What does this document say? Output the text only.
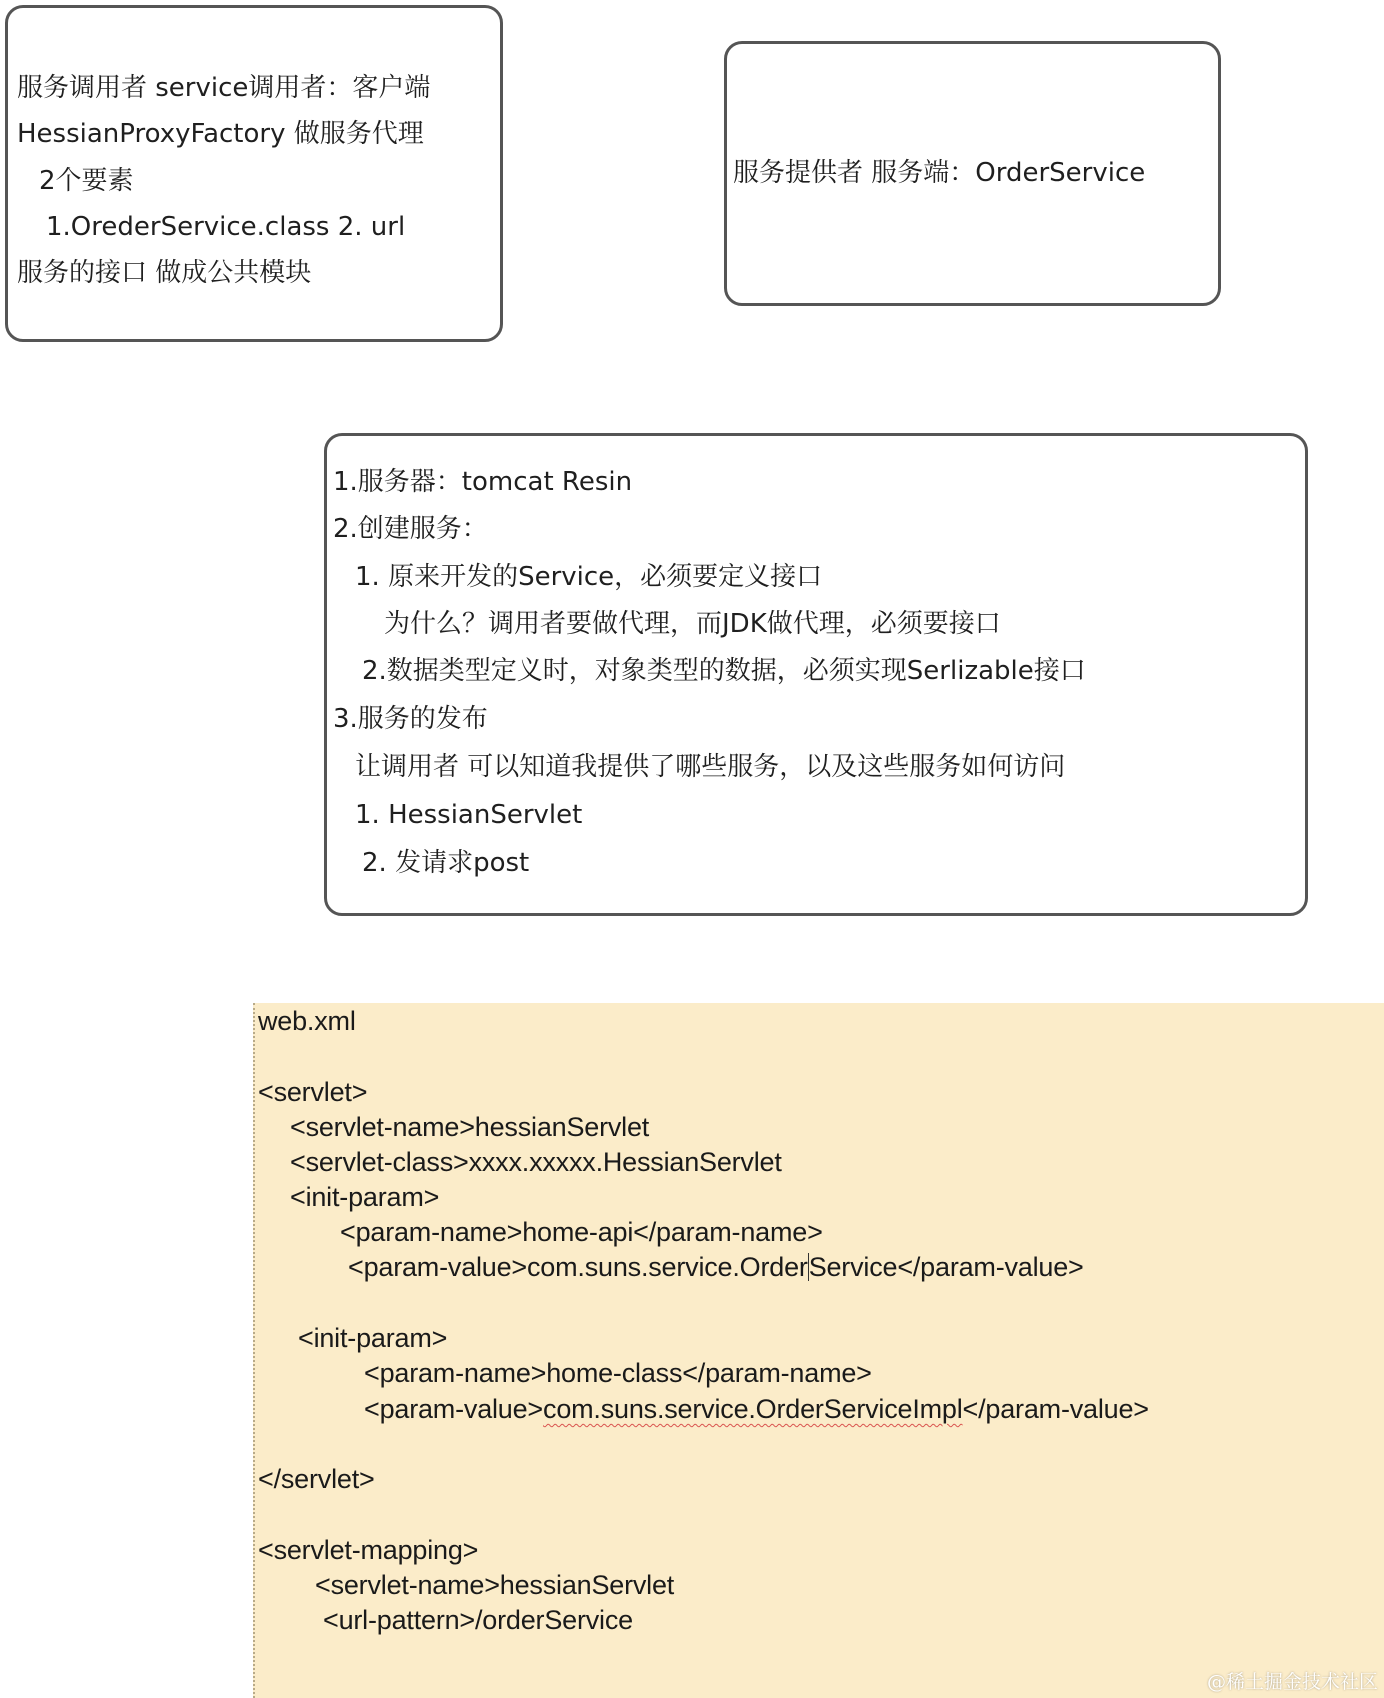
服务调用者 service调用者：客户端
HessianProxyFactory 做服务代理
2个要素
1.OrederService.class 2. url
服务的接口 做成公共模块
服务提供者 服务端：OrderService
1.服务器：tomcat Resin
2.创建服务：
1. 原来开发的Service，必须要定义接口
为什么？调用者要做代理，而JDK做代理，必须要接口
2.数据类型定义时，对象类型的数据，必须实现Serlizable接口
3.服务的发布
让调用者 可以知道我提供了哪些服务，以及这些服务如何访问
1. HessianServlet
2. 发请求post
web.xml
<servlet>
<servlet-name>hessianServlet
<servlet-class>xxxx.xxxxx.HessianServlet
<init-param>
<param-name>home-api</param-name>
<param-value>com.suns.service.OrderService</param-value>
<init-param>
<param-name>home-class</param-name>
<param-value>com.suns.service.OrderServiceImpl</param-value>
</servlet>
<servlet-mapping>
<servlet-name>hessianServlet
<url-pattern>/orderService
@稀土掘金技术社区
